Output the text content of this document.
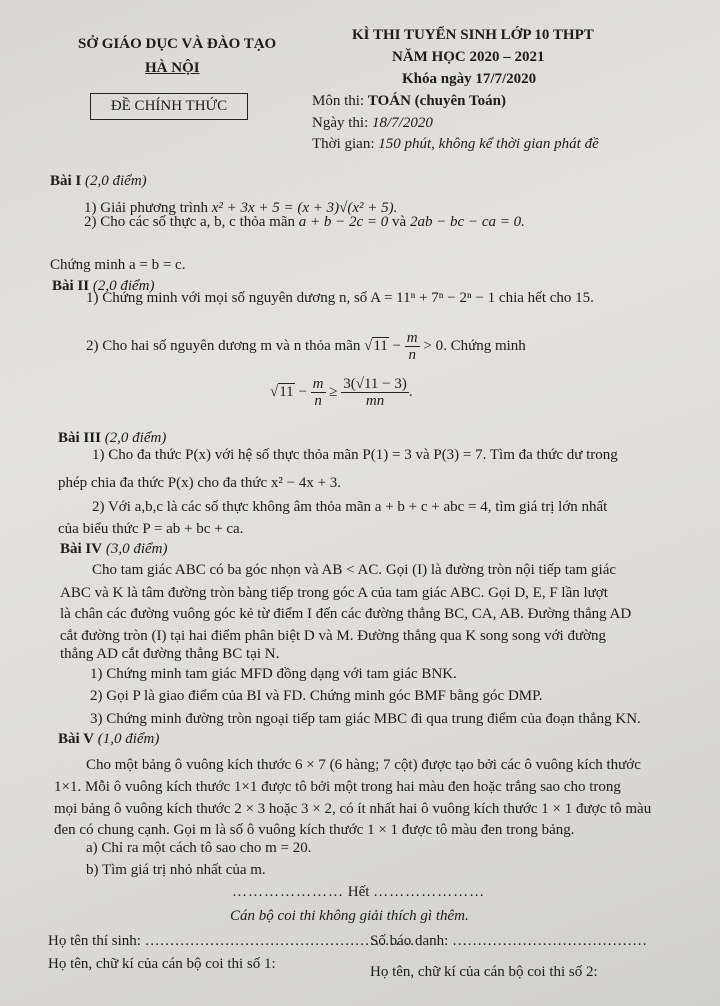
SỞ GIÁO DỤC VÀ ĐÀO TẠO
HÀ NỘI
ĐỀ CHÍNH THỨC
KÌ THI TUYỂN SINH LỚP 10 THPT
NĂM HỌC 2020 – 2021
Khóa ngày 17/7/2020
Môn thi: TOÁN (chuyên Toán)
Ngày thi: 18/7/2020
Thời gian: 150 phút, không kể thời gian phát đề
Bài I (2,0 điểm)
1) Giải phương trình x² + 3x + 5 = (x + 3)√(x² + 5).
2) Cho các số thực a, b, c thỏa mãn a + b − 2c = 0 và 2ab − bc − ca = 0.
Chứng minh a = b = c.
Bài II (2,0 điểm)
1) Chứng minh với mọi số nguyên dương n, số A = 11ⁿ + 7ⁿ − 2ⁿ − 1 chia hết cho 15.
2) Cho hai số nguyên dương m và n thỏa mãn $√11 - \frac{m}{n} > 0$. Chứng minh
$√11 - \frac{m}{n} \ge \frac{3(√11 - 3)}{mn}$ .
Bài III (2,0 điểm)
1) Cho đa thức P(x) với hệ số thực thỏa mãn P(1) = 3 và P(3) = 7. Tìm đa thức dư trong
phép chia đa thức P(x) cho đa thức x² − 4x + 3.
2) Với a,b,c là các số thực không âm thỏa mãn a + b + c + abc = 4, tìm giá trị lớn nhất
của biểu thức P = ab + bc + ca.
Bài IV (3,0 điểm)
Cho tam giác ABC có ba góc nhọn và AB < AC. Gọi (I) là đường tròn nội tiếp tam giác
ABC và K là tâm đường tròn bàng tiếp trong góc A của tam giác ABC. Gọi D, E, F lần lượt
là chân các đường vuông góc kẻ từ điểm I đến các đường thẳng BC, CA, AB. Đường thẳng AD
cắt đường tròn (I) tại hai điểm phân biệt D và M. Đường thẳng qua K song song với đường
thẳng AD cắt đường thẳng BC tại N.
1) Chứng minh tam giác MFD đồng dạng với tam giác BNK.
2) Gọi P là giao điểm của BI và FD. Chứng minh góc BMF bằng góc DMP.
3) Chứng minh đường tròn ngoại tiếp tam giác MBC đi qua trung điểm của đoạn thẳng KN.
Bài V (1,0 điểm)
Cho một bảng ô vuông kích thước 6 × 7 (6 hàng; 7 cột) được tạo bởi các ô vuông kích thước
1×1. Mỗi ô vuông kích thước 1×1 được tô bởi một trong hai màu đen hoặc trắng sao cho trong
mọi bảng ô vuông kích thước 2 × 3 hoặc 3 × 2, có ít nhất hai ô vuông kích thước 1 × 1 được tô màu
đen có chung cạnh. Gọi m là số ô vuông kích thước 1 × 1 được tô màu đen trong bảng.
a) Chỉ ra một cách tô sao cho m = 20.
b) Tìm giá trị nhỏ nhất của m.
………………… Hết …………………
Cán bộ coi thi không giải thích gì thêm.
Họ tên thí sinh: ………………………………………………
Số báo danh: …………………………………
Họ tên, chữ kí của cán bộ coi thi số 1:	Họ tên, chữ kí của cán bộ coi thi số 2:
